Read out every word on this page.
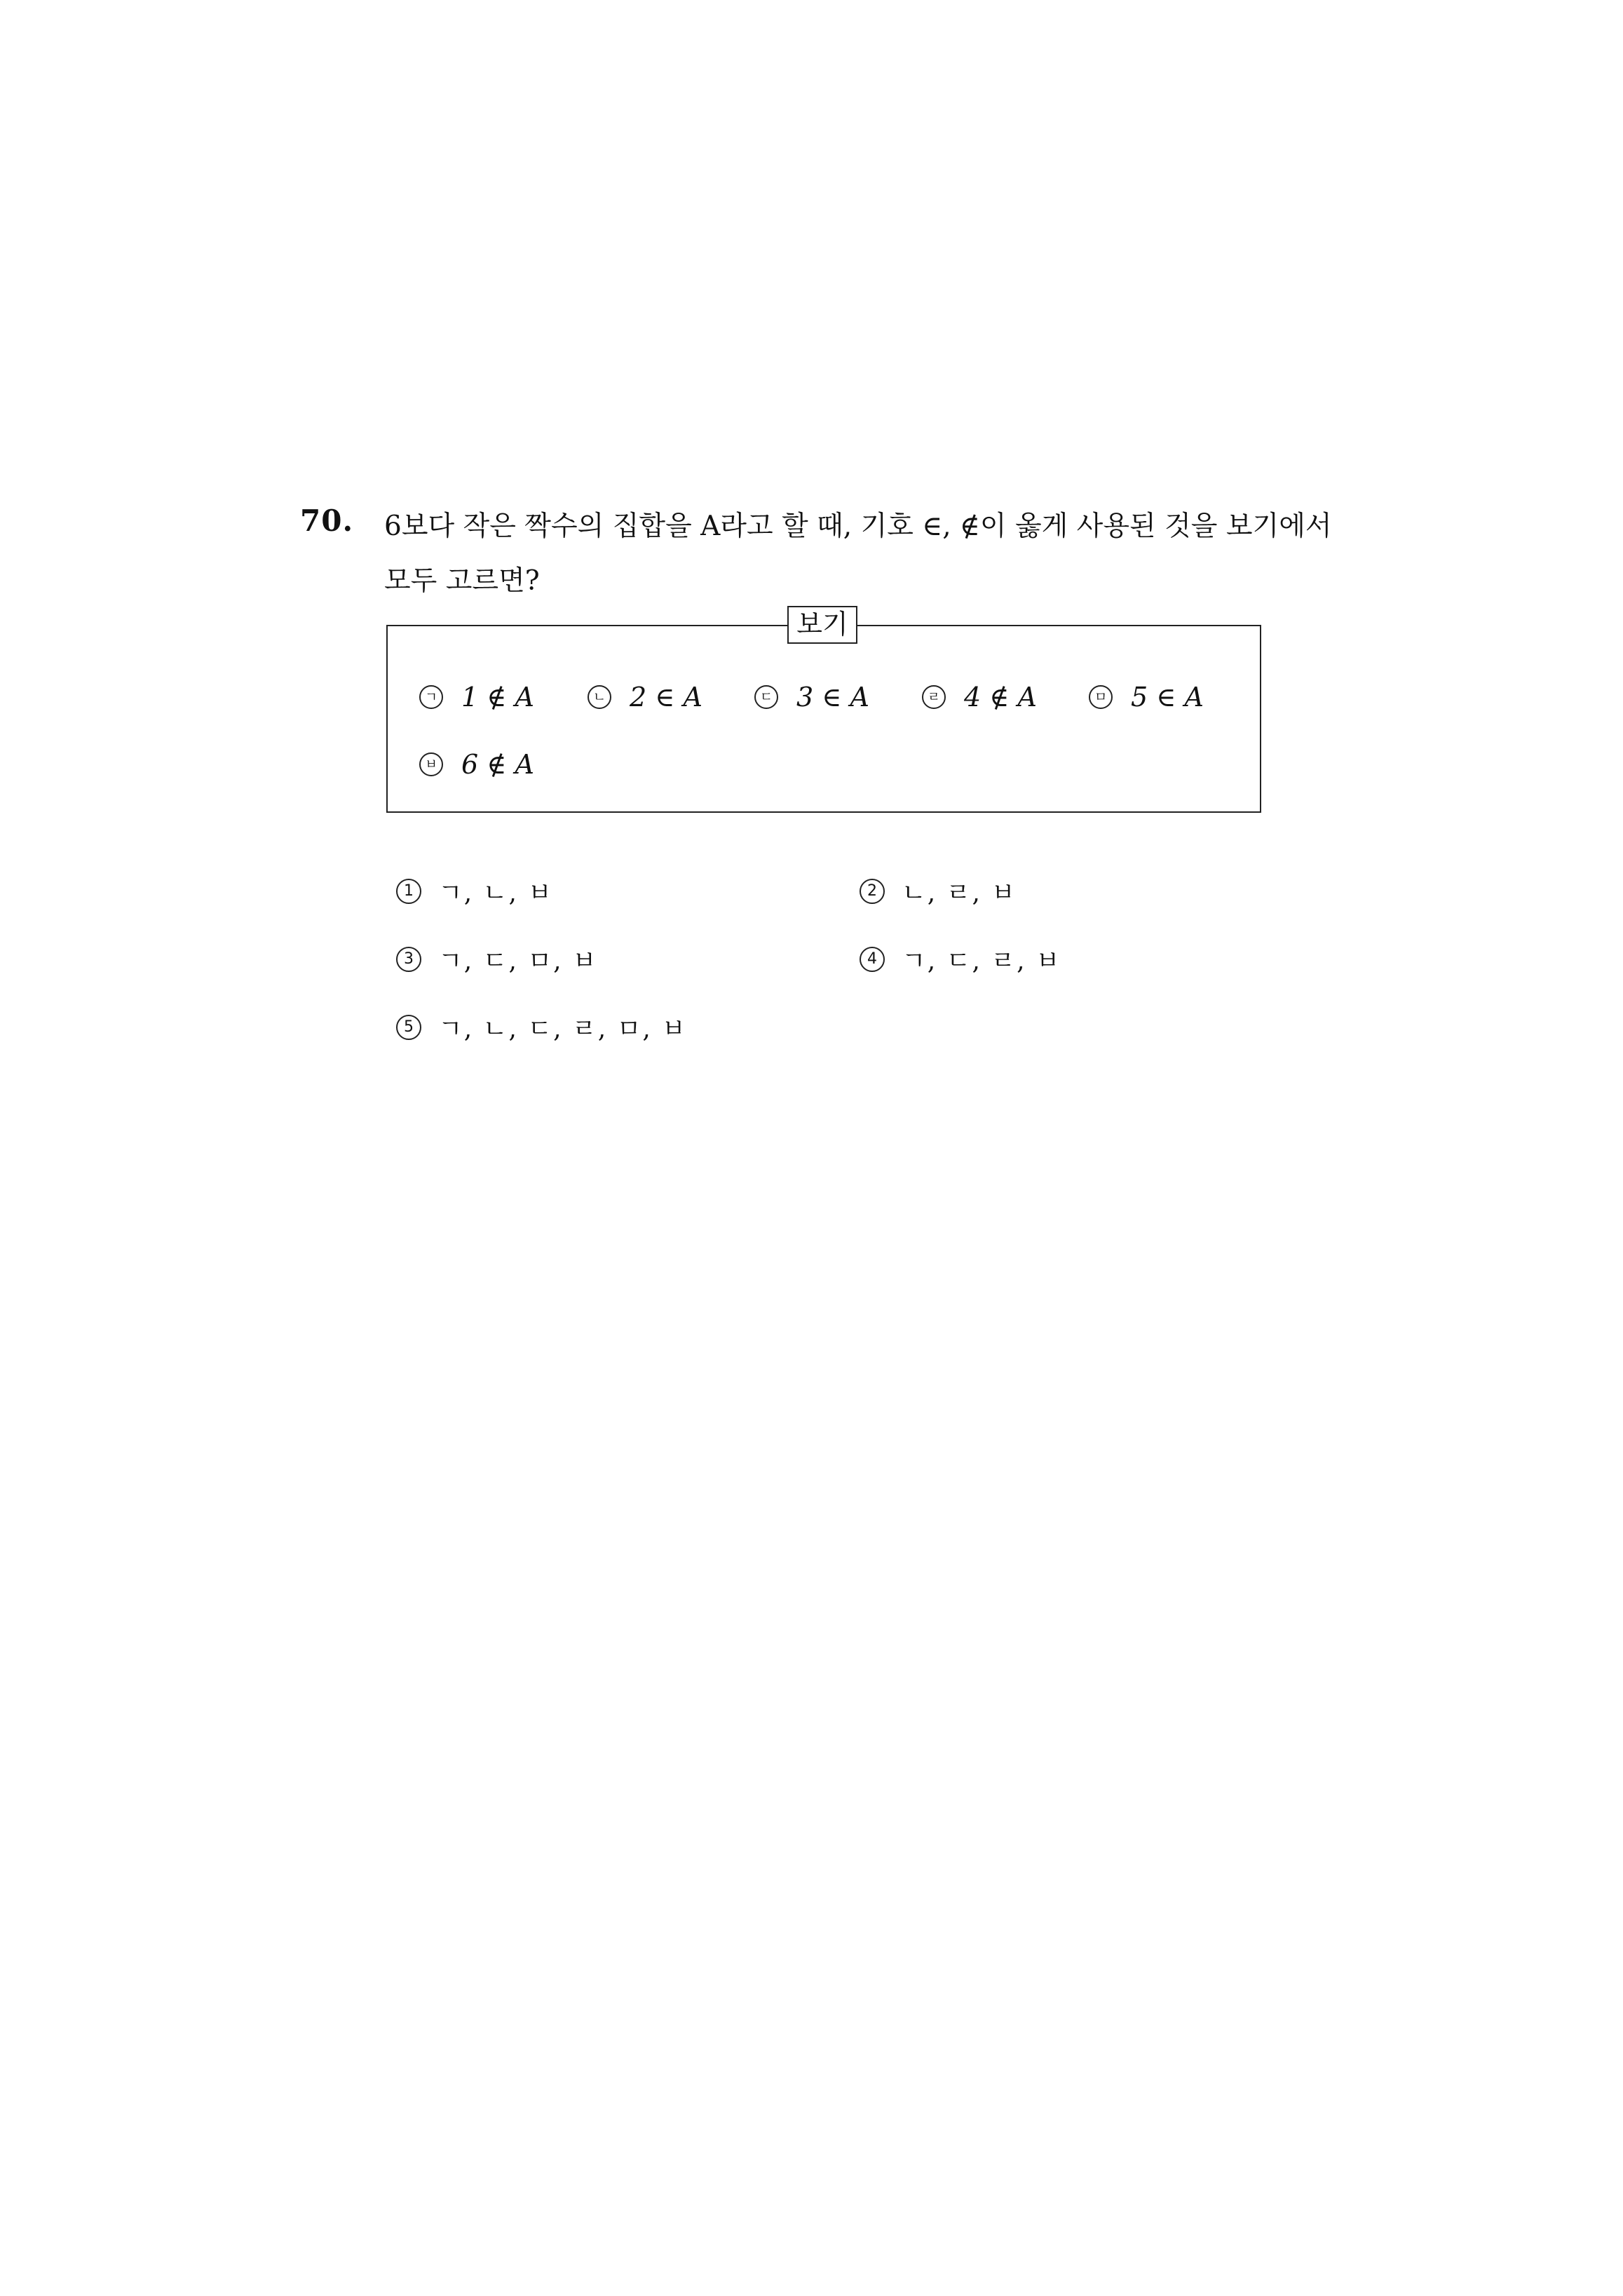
70. 6보다 작은 짝수의 집합을 A라고 할 때, 기호 ∈, ∉이 옳게 사용된 것을 보기에서
모두 고르면?
보기
ㄱ 1 ∉ A	ㄴ 2 ∈ A	ㄷ 3 ∈ A	ㄹ 4 ∉ A	ㅁ 5 ∈ A
ㅂ 6 ∉ A
1 ㄱ, ㄴ, ㅂ	2 ㄴ, ㄹ, ㅂ
3 ㄱ, ㄷ, ㅁ, ㅂ	4 ㄱ, ㄷ, ㄹ, ㅂ
5 ㄱ, ㄴ, ㄷ, ㄹ, ㅁ, ㅂ
